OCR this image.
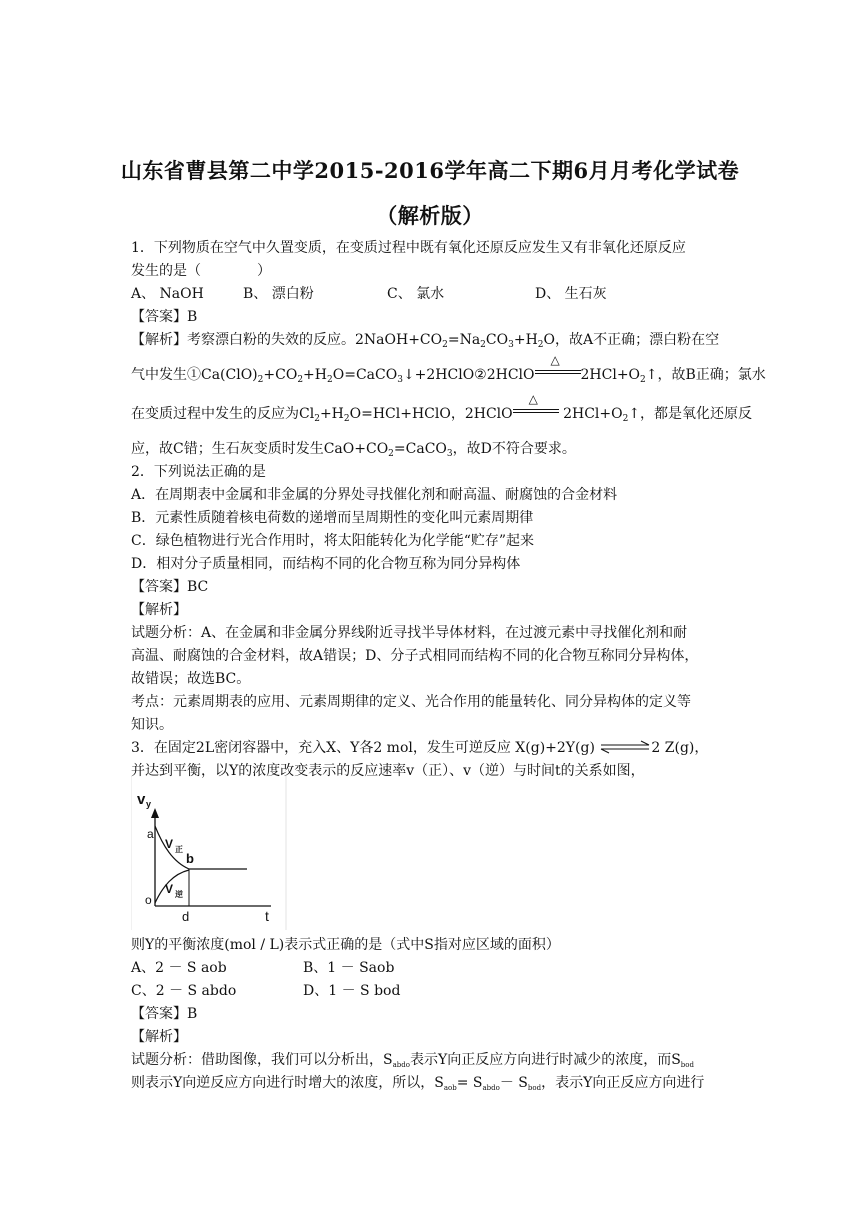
山东省曹县第二中学2015-2016学年高二下期6月月考化学试卷
（解析版）
1．下列物质在空气中久置变质，在变质过程中既有氧化还原反应发生又有非氧化还原反应
发生的是（　　　　）
A、 NaOH	B、 漂白粉	C、 氯水	D、 生石灰
【答案】B
【解析】考察漂白粉的失效的反应。$2NaOH+CO_2=Na_2CO_3+H_2O$，故A不正确；漂白粉在空
气中发生$①Ca(ClO)_2+CO_2+H_2O=CaCO_3↓+2HClO②2HClO$
△
$2HCl+O_2↑$，故B正确；氯水
在变质过程中发生的反应为$Cl_2+H_2O=HCl+HClO$，2HClO
△
$2HCl+O_2↑$，都是氧化还原反
应，故C错；生石灰变质时发生$CaO+CO_2=CaCO_3$，故D不符合要求。
2．下列说法正确的是
A．在周期表中金属和非金属的分界处寻找催化剂和耐高温、耐腐蚀的合金材料
B．元素性质随着核电荷数的递增而呈周期性的变化叫元素周期律
C．绿色植物进行光合作用时，将太阳能转化为化学能“贮存”起来
D．相对分子质量相同，而结构不同的化合物互称为同分异构体
【答案】BC
【解析】
试题分析：A、在金属和非金属分界线附近寻找半导体材料，在过渡元素中寻找催化剂和耐
高温、耐腐蚀的合金材料，故A错误；D、分子式相同而结构不同的化合物互称同分异构体，
故错误；故选BC。
考点：元素周期表的应用、元素周期律的定义、光合作用的能量转化、同分异构体的定义等
知识。
3．在固定2L密闭容器中，充入X、Y各2 mol，发生可逆反应 X(g)+2Y(g) ⇌2 Z(g)，
并达到平衡，以Y的浓度改变表示的反应速率v（正）、v（逆）与时间t的关系如图，
v y
t
a
b
o
d
V 正
V 逆
则Y的平衡浓度(mol / L)表示式正确的是（式中S指对应区域的面积）
A、2 － S aob	B、1 － Saob
C、2 － S abdo	D、1 － S bod
【答案】B
【解析】
试题分析：借助图像，我们可以分析出，$S_{abdo}$表示Y向正反应方向进行时减少的浓度，而$S_{bod}$
则表示Y向逆反应方向进行时增大的浓度，所以，$S_{aob}= S_{abdo}- S_{bod}$，表示Y向正反应方向进行
